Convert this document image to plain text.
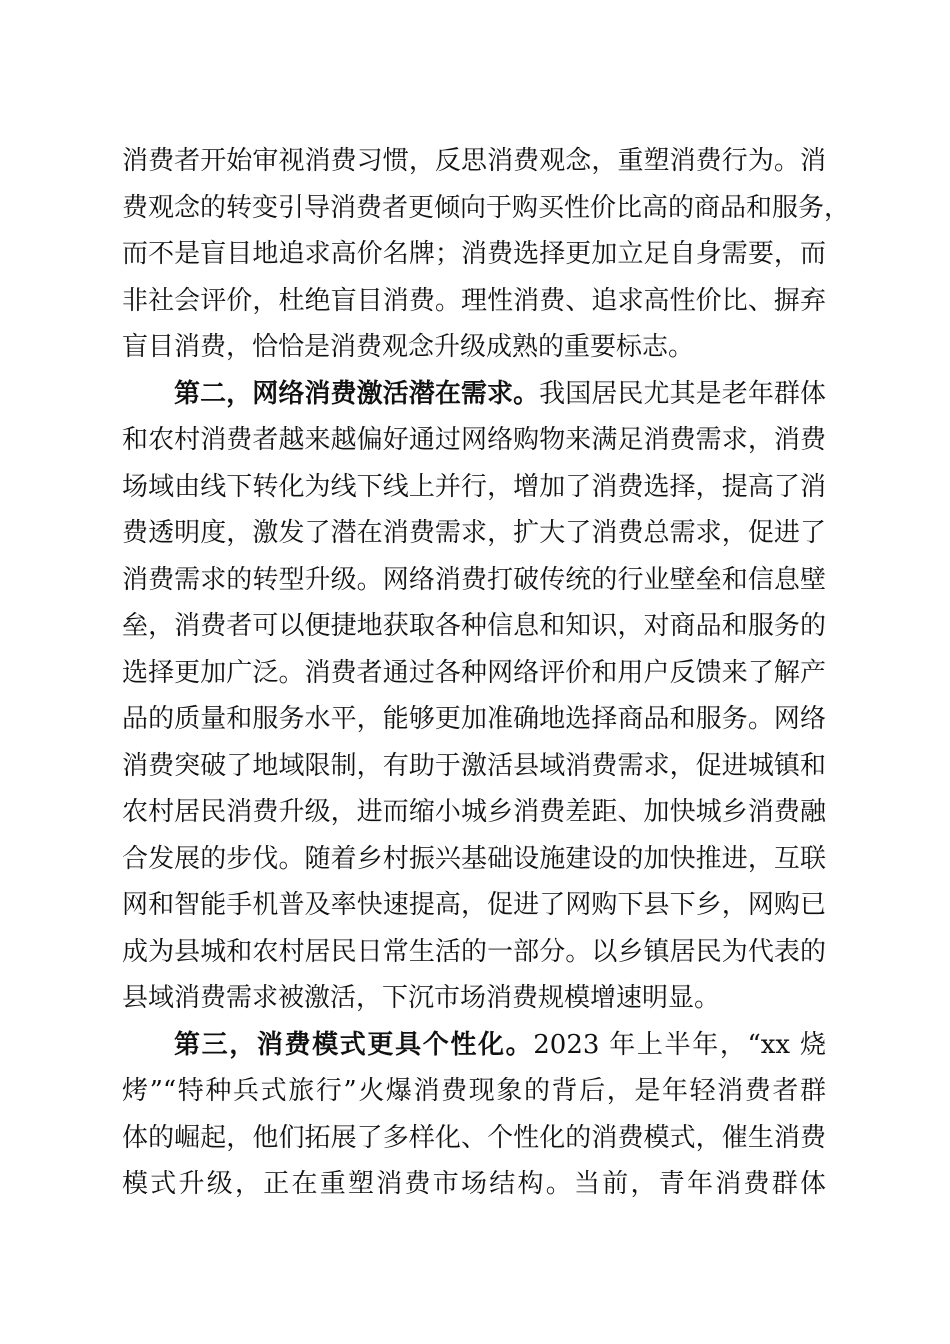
消费者开始审视消费习惯，反思消费观念，重塑消费行为。消
费观念的转变引导消费者更倾向于购买性价比高的商品和服务，
而不是盲目地追求高价名牌；消费选择更加立足自身需要，而
非社会评价，杜绝盲目消费。理性消费、追求高性价比、摒弃
盲目消费，恰恰是消费观念升级成熟的重要标志。
第二，网络消费激活潜在需求。我国居民尤其是老年群体
和农村消费者越来越偏好通过网络购物来满足消费需求，消费
场域由线下转化为线下线上并行，增加了消费选择，提高了消
费透明度，激发了潜在消费需求，扩大了消费总需求，促进了
消费需求的转型升级。网络消费打破传统的行业壁垒和信息壁
垒，消费者可以便捷地获取各种信息和知识，对商品和服务的
选择更加广泛。消费者通过各种网络评价和用户反馈来了解产
品的质量和服务水平，能够更加准确地选择商品和服务。网络
消费突破了地域限制，有助于激活县域消费需求，促进城镇和
农村居民消费升级，进而缩小城乡消费差距、加快城乡消费融
合发展的步伐。随着乡村振兴基础设施建设的加快推进，互联
网和智能手机普及率快速提高，促进了网购下县下乡，网购已
成为县城和农村居民日常生活的一部分。以乡镇居民为代表的
县域消费需求被激活，下沉市场消费规模增速明显。
第三，消费模式更具个性化。2023 年上半年，“xx 烧
烤”“特种兵式旅行”火爆消费现象的背后，是年轻消费者群
体的崛起，他们拓展了多样化、个性化的消费模式，催生消费
模式升级，正在重塑消费市场结构。当前，青年消费群体
